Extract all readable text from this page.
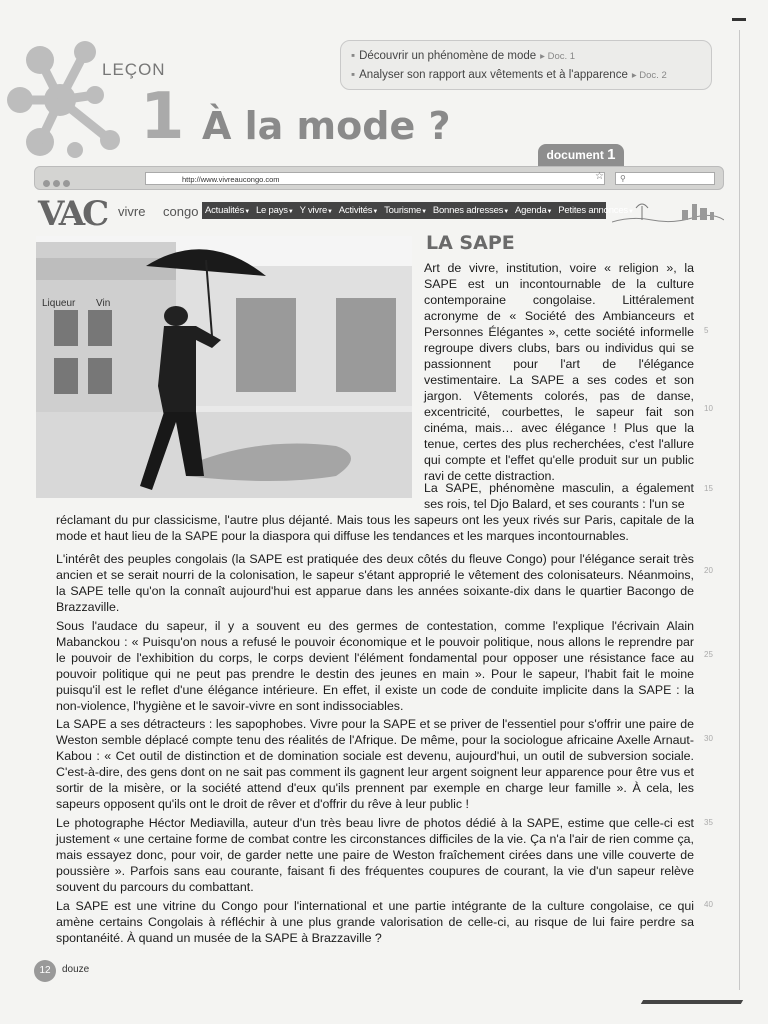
LEÇON
1 À la mode ?
▪ Découvrir un phénomène de mode ▸ Doc. 1
▪ Analyser son rapport aux vêtements et à l'apparence ▸ Doc. 2
document 1
http://www.vivreaucongo.com	☆	⚲
VAC vivre congo Actualités▼ Le pays▼ Y vivre▼ Activités▼ Tourisme▼ Bonnes adresses▼ Agenda▼ Petites annonces▼
Liqueur Vin
LA SAPE
Art de vivre, institution, voire « religion », la SAPE est un incontournable de la culture contemporaine congolaise. Littéralement acronyme de « Société des Ambianceurs et Personnes Élégantes », cette société informelle regroupe divers clubs, bars ou individus qui se passionnent pour l'art de l'élégance vestimentaire. La SAPE a ses codes et son jargon. Vêtements colorés, pas de danse, excentricité, courbettes, le sapeur fait son cinéma, mais… avec élégance ! Plus que la tenue, certes des plus recherchées, c'est l'allure qui compte et l'effet qu'elle produit sur un public ravi de cette distraction.
La SAPE, phénomène masculin, a également ses rois, tel Djo Balard, et ses courants : l'un se
réclamant du pur classicisme, l'autre plus déjanté. Mais tous les sapeurs ont les yeux rivés sur Paris, capitale de la mode et haut lieu de la SAPE pour la diaspora qui diffuse les tendances et les marques incontournables.
L'intérêt des peuples congolais (la SAPE est pratiquée des deux côtés du fleuve Congo) pour l'élégance serait très ancien et se serait nourri de la colonisation, le sapeur s'étant approprié le vêtement des colonisateurs. Néanmoins, la SAPE telle qu'on la connaît aujourd'hui est apparue dans les années soixante-dix dans le quartier Bacongo de Brazzaville.
Sous l'audace du sapeur, il y a souvent eu des germes de contestation, comme l'explique l'écrivain Alain Mabanckou : « Puisqu'on nous a refusé le pouvoir économique et le pouvoir politique, nous allons le reprendre par le pouvoir de l'exhibition du corps, le corps devient l'élément fondamental pour opposer une résistance face au pouvoir politique qui ne peut pas prendre le destin des jeunes en main ». Pour le sapeur, l'habit fait le moine puisqu'il est le reflet d'une élégance intérieure. En effet, il existe un code de conduite implicite dans la SAPE : la non-violence, l'hygiène et le savoir-vivre en sont indissociables.
La SAPE a ses détracteurs : les sapophobes. Vivre pour la SAPE et se priver de l'essentiel pour s'offrir une paire de Weston semble déplacé compte tenu des réalités de l'Afrique. De même, pour la sociologue africaine Axelle Arnaut-Kabou : « Cet outil de distinction et de domination sociale est devenu, aujourd'hui, un outil de subversion sociale. C'est-à-dire, des gens dont on ne sait pas comment ils gagnent leur argent soignent leur apparence pour être vus et sortir de la misère, or la société attend d'eux qu'ils prennent par exemple en charge leur famille ». À cela, les sapeurs opposent qu'ils ont le droit de rêver et d'offrir du rêve à leur public !
Le photographe Héctor Mediavilla, auteur d'un très beau livre de photos dédié à la SAPE, estime que celle-ci est justement « une certaine forme de combat contre les circonstances difficiles de la vie. Ça n'a l'air de rien comme ça, mais essayez donc, pour voir, de garder nette une paire de Weston fraîchement cirées dans une ville couverte de poussière ». Parfois sans eau courante, faisant fi des fréquentes coupures de courant, la vie d'un sapeur relève souvent du parcours du combattant.
La SAPE est une vitrine du Congo pour l'international et une partie intégrante de la culture congolaise, ce qui amène certains Congolais à réfléchir à une plus grande valorisation de celle-ci, au risque de lui faire perdre sa spontanéité. À quand un musée de la SAPE à Brazzaville ?
5
10
15
20
25
30
35
40
12	douze
